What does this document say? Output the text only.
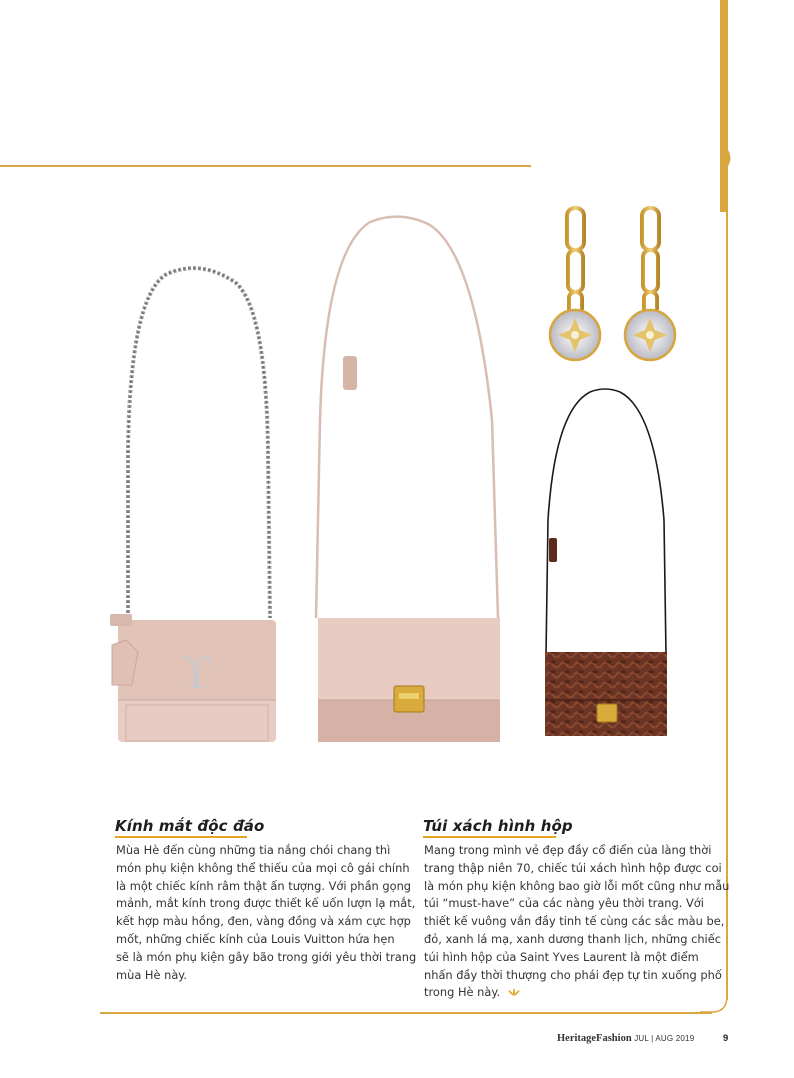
ϒ
Kính mắt độc đáo
Mùa Hè đến cùng những tia nắng chói chang thì
món phụ kiện không thể thiếu của mọi cô gái chính
là một chiếc kính râm thật ấn tượng. Với phần gọng
mảnh, mắt kính trong được thiết kế uốn lượn lạ mắt,
kết hợp màu hồng, đen, vàng đồng và xám cực hợp
mốt, những chiếc kính của Louis Vuitton hứa hẹn
sẽ là món phụ kiện gây bão trong giới yêu thời trang
mùa Hè này.
Túi xách hình hộp
Mang trong mình vẻ đẹp đầy cổ điển của làng thời
trang thập niên 70, chiếc túi xách hình hộp được coi
là món phụ kiện không bao giờ lỗi mốt cũng như mẫu
túi “must-have” của các nàng yêu thời trang. Với
thiết kế vuông vắn đầy tinh tế cùng các sắc màu be,
đỏ, xanh lá mạ, xanh dương thanh lịch, những chiếc
túi hình hộp của Saint Yves Laurent là một điểm
nhấn đầy thời thượng cho phái đẹp tự tin xuống phố
trong Hè này.
HeritageFashion JUL | AUG 2019	9
